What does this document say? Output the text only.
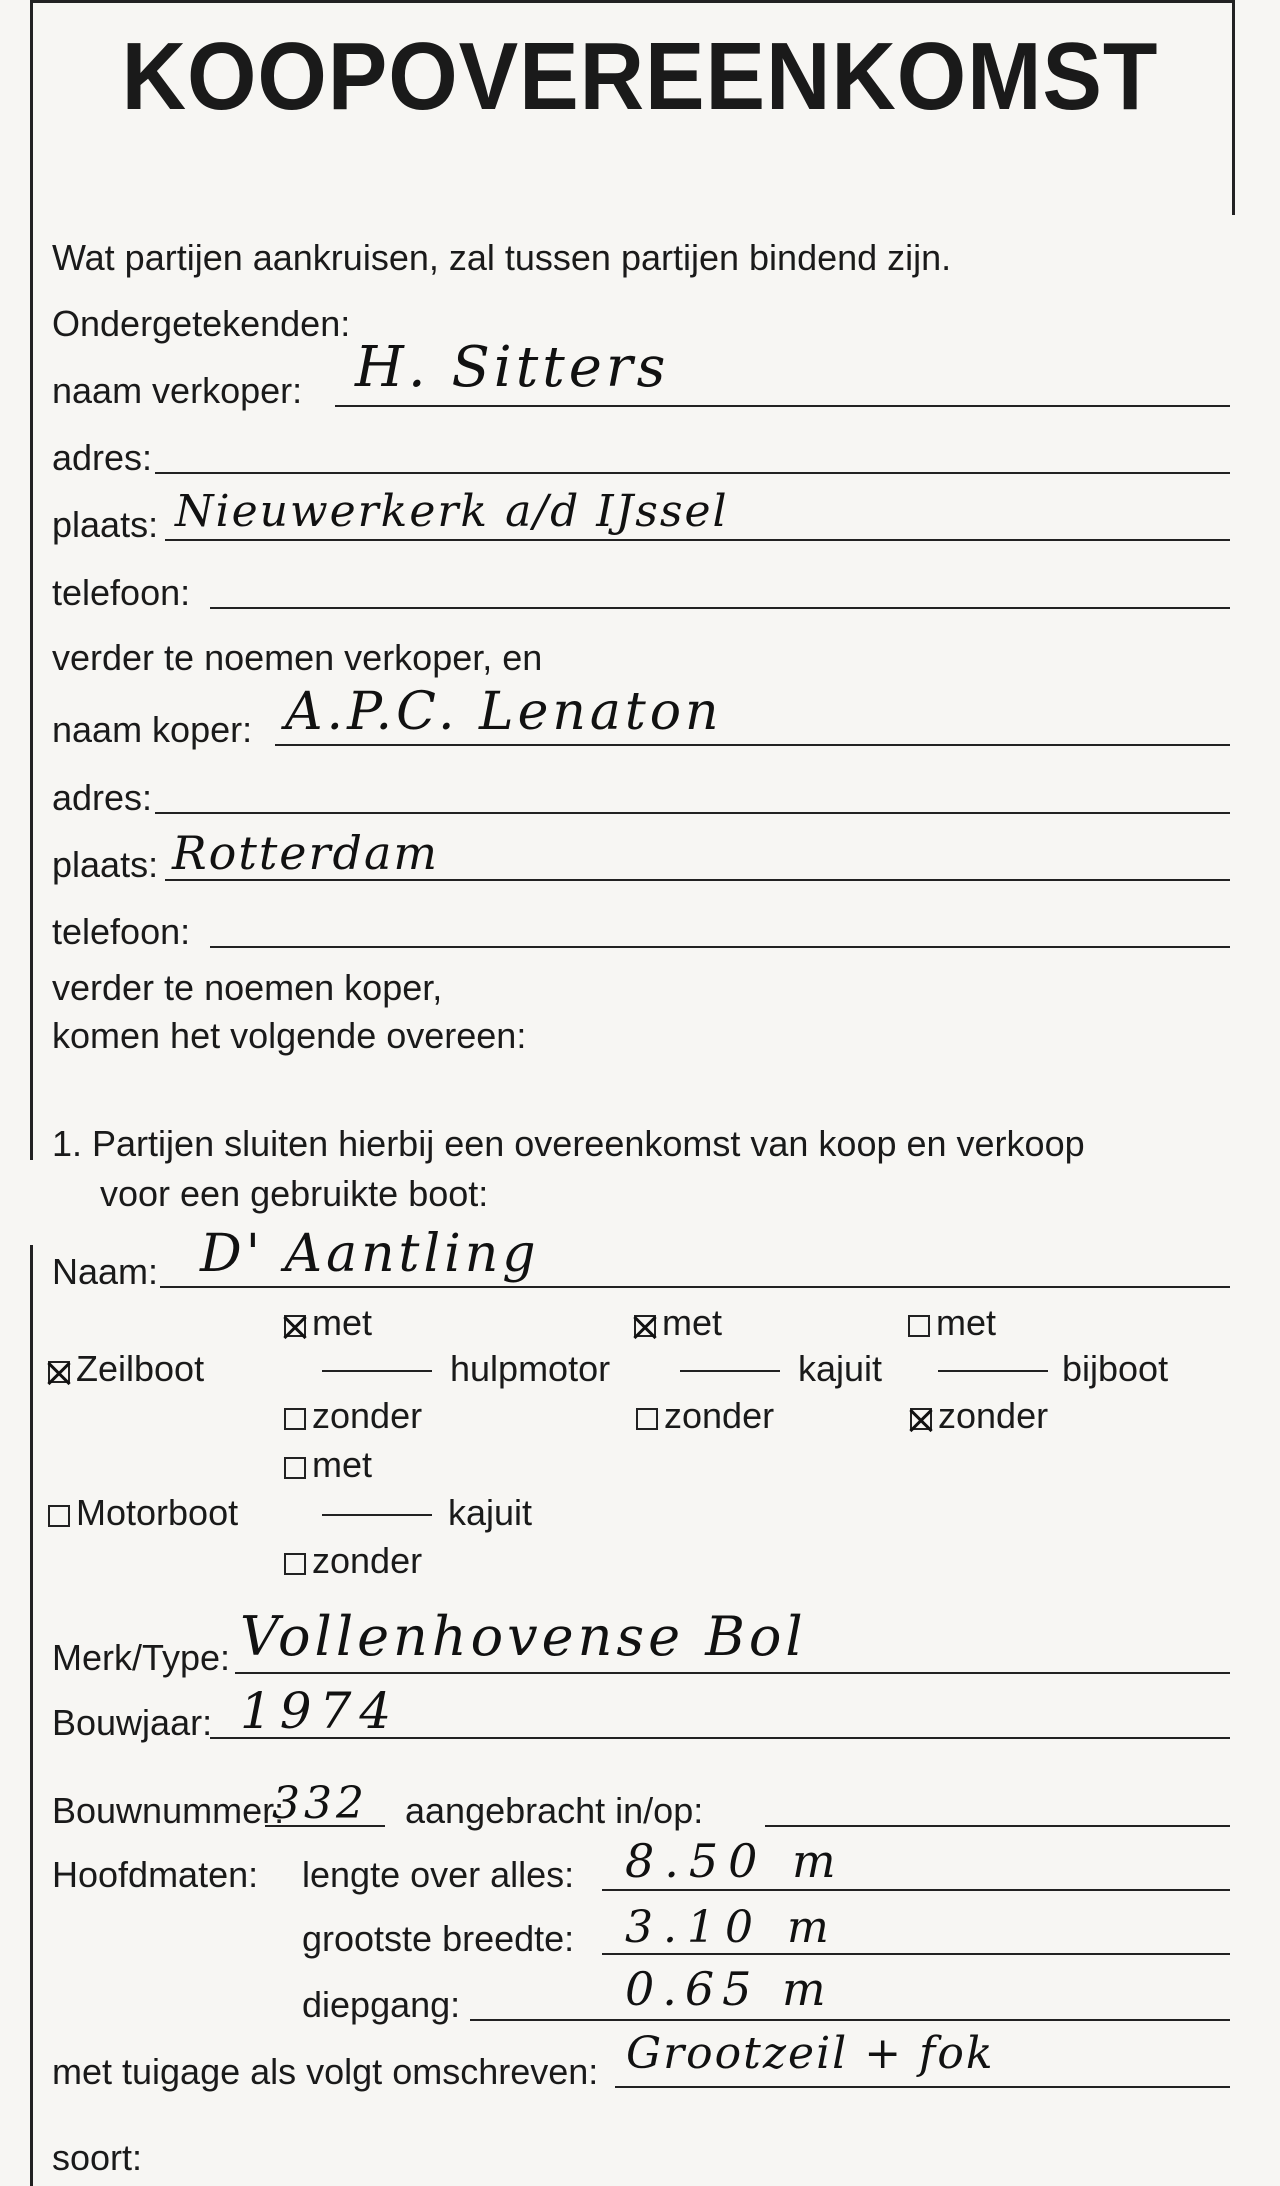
KOOPOVEREENKOMST
Wat partijen aankruisen, zal tussen partijen bindend zijn.
Ondergetekenden:
naam verkoper: H. Sitters
adres:
plaats: Nieuwerkerk a/d IJssel
telefoon:
verder te noemen verkoper, en
naam koper: A.P.C. Lenaton
adres:
plaats: Rotterdam
telefoon:
verder te noemen koper,
komen het volgende overeen:
1. Partijen sluiten hierbij een overeenkomst van koop en verkoop
voor een gebruikte boot:
Naam: D' Aantling
met	met	met
Zeilboot	hulpmotor	kajuit	bijboot
zonder	zonder	zonder
met
Motorboot	kajuit
zonder
Merk/Type: Vollenhovense Bol
Bouwjaar: 1974
Bouwnummer:
332 aangebracht in/op:
Hoofdmaten: lengte over alles: 8.50 m
grootste breedte: 3.10 m
diepgang:	0.65 m
met tuigage als volgt omschreven: Grootzeil + fok
soort:
